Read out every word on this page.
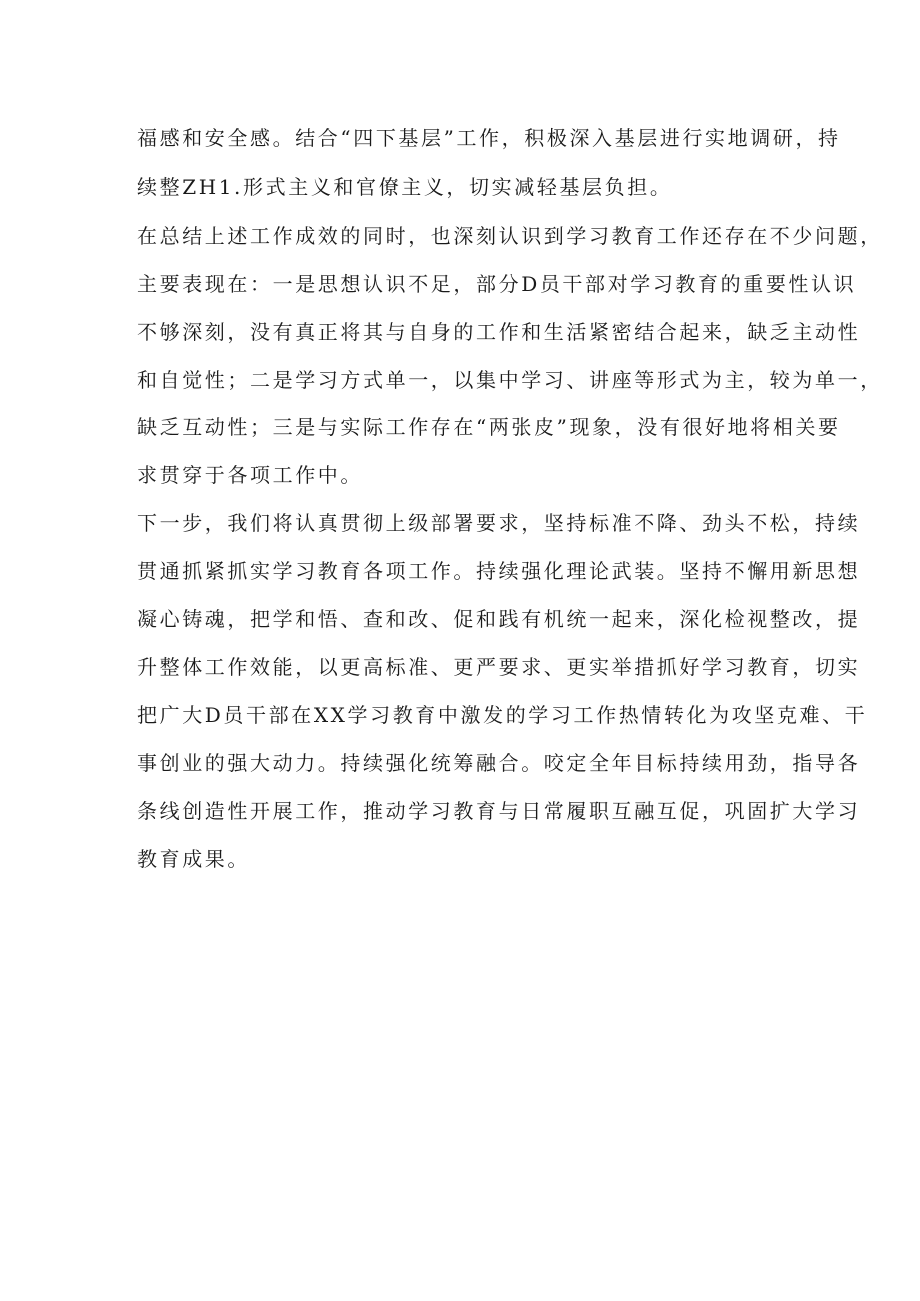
福感和安全感。结合“四下基层”工作，积极深入基层进行实地调研，持
续整ZH1.形式主义和官僚主义，切实减轻基层负担。
在总结上述工作成效的同时，也深刻认识到学习教育工作还存在不少问题，
主要表现在：一是思想认识不足，部分D员干部对学习教育的重要性认识
不够深刻，没有真正将其与自身的工作和生活紧密结合起来，缺乏主动性
和自觉性；二是学习方式单一，以集中学习、讲座等形式为主，较为单一，
缺乏互动性；三是与实际工作存在“两张皮”现象，没有很好地将相关要
求贯穿于各项工作中。
下一步，我们将认真贯彻上级部署要求，坚持标准不降、劲头不松，持续
贯通抓紧抓实学习教育各项工作。持续强化理论武装。坚持不懈用新思想
凝心铸魂，把学和悟、查和改、促和践有机统一起来，深化检视整改，提
升整体工作效能，以更高标准、更严要求、更实举措抓好学习教育，切实
把广大D员干部在XX学习教育中激发的学习工作热情转化为攻坚克难、干
事创业的强大动力。持续强化统筹融合。咬定全年目标持续用劲，指导各
条线创造性开展工作，推动学习教育与日常履职互融互促，巩固扩大学习
教育成果。
